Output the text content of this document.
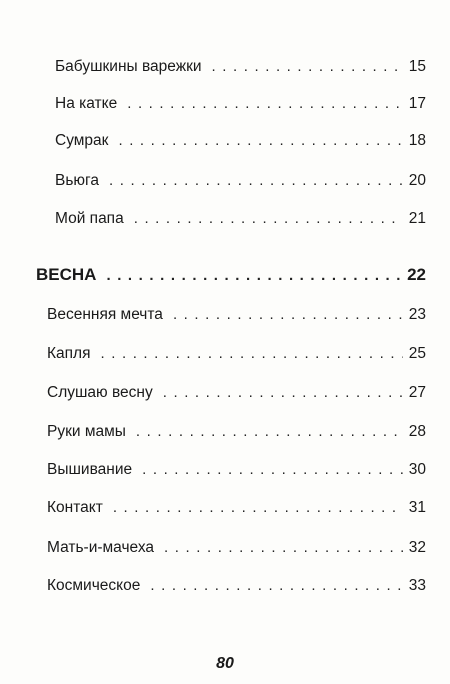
Бабушкины варежки . . .	15
На катке . . .	17
Сумрак . . .	18
Вьюга . . .	20
Мой папа . . .	21
ВЕСНА . . .	22
Весенняя мечта . . .	23
Капля . . .	25
Слушаю весну . . .	27
Руки мамы . . .	28
Вышивание . . .	30
Контакт . . .	31
Мать-и-мачеха . . .	32
Космическое . . .	33
80
